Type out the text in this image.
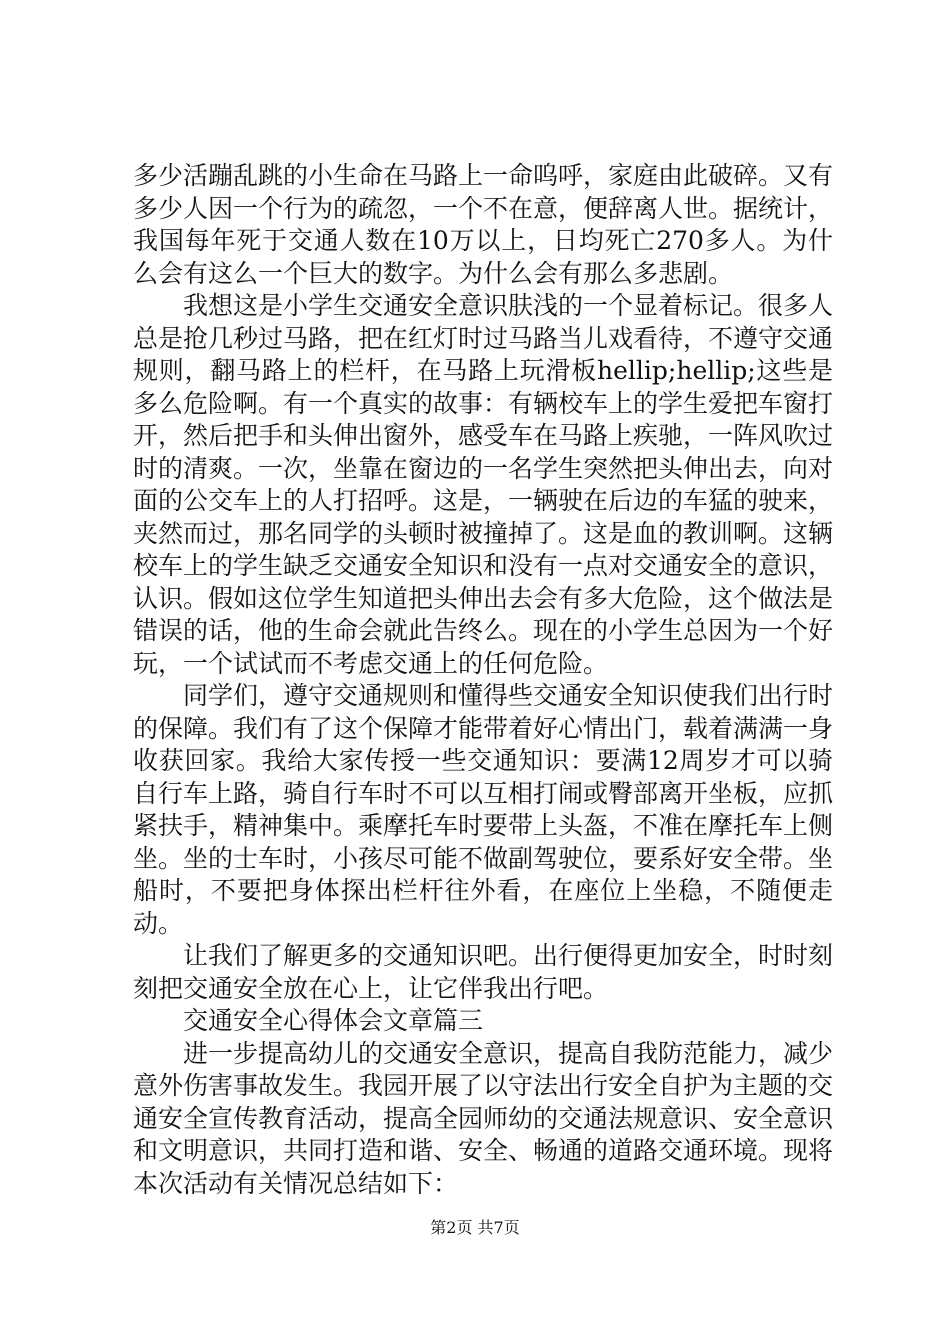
多少活蹦乱跳的小生命在马路上一命呜呼，家庭由此破碎。又有多少人因一个行为的疏忽，一个不在意，便辞离人世。据统计，我国每年死于交通人数在10万以上，日均死亡270多人。为什么会有这么一个巨大的数字。为什么会有那么多悲剧。

我想这是小学生交通安全意识肤浅的一个显着标记。很多人总是抢几秒过马路，把在红灯时过马路当儿戏看待，不遵守交通规则，翻马路上的栏杆，在马路上玩滑板hellip;hellip;这些是多么危险啊。有一个真实的故事：有辆校车上的学生爱把车窗打开，然后把手和头伸出窗外，感受车在马路上疾驰，一阵风吹过时的清爽。一次，坐靠在窗边的一名学生突然把头伸出去，向对面的公交车上的人打招呼。这是，一辆驶在后边的车猛的驶来，夹然而过，那名同学的头顿时被撞掉了。这是血的教训啊。这辆校车上的学生缺乏交通安全知识和没有一点对交通安全的意识，认识。假如这位学生知道把头伸出去会有多大危险，这个做法是错误的话，他的生命会就此告终么。现在的小学生总因为一个好玩，一个试试而不考虑交通上的任何危险。

同学们，遵守交通规则和懂得些交通安全知识使我们出行时的保障。我们有了这个保障才能带着好心情出门，载着满满一身收获回家。我给大家传授一些交通知识：要满12周岁才可以骑自行车上路，骑自行车时不可以互相打闹或臀部离开坐板，应抓紧扶手，精神集中。乘摩托车时要带上头盔，不准在摩托车上侧坐。坐的士车时，小孩尽可能不做副驾驶位，要系好安全带。坐船时，不要把身体探出栏杆往外看，在座位上坐稳，不随便走动。

让我们了解更多的交通知识吧。出行便得更加安全，时时刻刻把交通安全放在心上，让它伴我出行吧。

交通安全心得体会文章篇三

进一步提高幼儿的交通安全意识，提高自我防范能力，减少意外伤害事故发生。我园开展了以守法出行安全自护为主题的交通安全宣传教育活动，提高全园师幼的交通法规意识、安全意识和文明意识，共同打造和谐、安全、畅通的道路交通环境。现将本次活动有关情况总结如下：

第2页 共7页
